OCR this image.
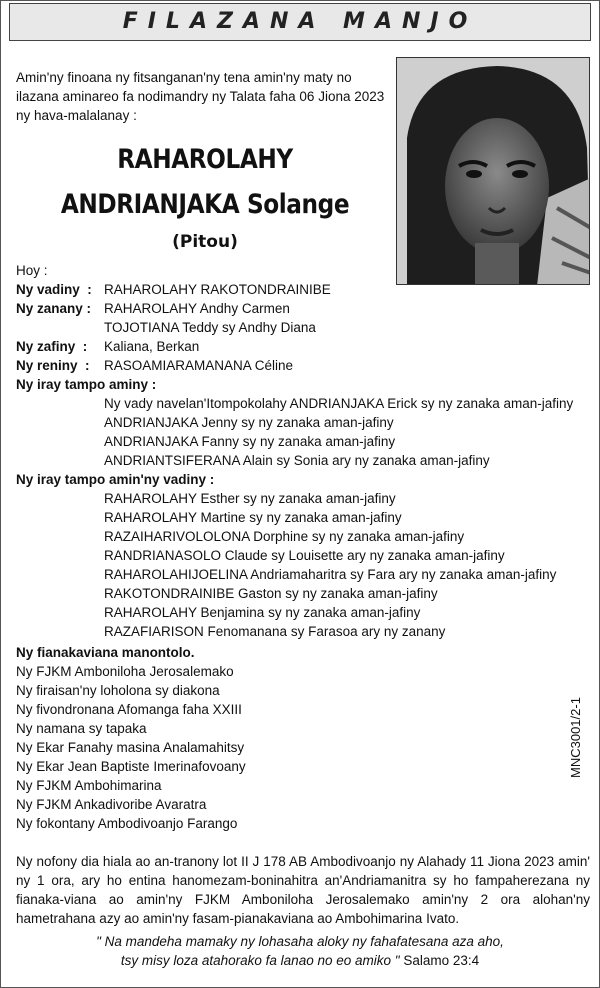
FILAZANA MANJO
Amin'ny finoana ny fitsanganan'ny tena amin'ny maty no ilazana aminareo fa nodimandry ny Talata faha 06 Jiona 2023 ny hava-malalanay :
RAHAROLAHY
ANDRIANJAKA Solange
(Pitou)
Hoy :
Ny vadiny  : RAHAROLAHY RAKOTONDRAINIBE
Ny zanany : RAHAROLAHY Andhy Carmen
TOJOTIANA Teddy sy Andhy Diana
Ny zafiny  : Kaliana, Berkan
Ny reniny  : RASOAMIARAMANANA Céline
Ny iray tampo aminy :
Ny vady navelan'Itompokolahy ANDRIANJAKA Erick sy ny zanaka aman-jafiny
ANDRIANJAKA Jenny sy ny zanaka aman-jafiny
ANDRIANJAKA Fanny sy ny zanaka aman-jafiny
ANDRIANTSIFERANA Alain sy Sonia ary ny zanaka aman-jafiny
Ny iray tampo amin'ny vadiny :
RAHAROLAHY Esther sy ny zanaka aman-jafiny
RAHAROLAHY Martine sy ny zanaka aman-jafiny
RAZAIHARIVOLOLONA Dorphine sy ny zanaka aman-jafiny
RANDRIANASOLO Claude sy Louisette ary ny zanaka aman-jafiny
RAHAROLAHIJOELINA Andriamaharitra sy Fara ary ny zanaka aman-jafiny
RAKOTONDRAINIBE Gaston sy ny zanaka aman-jafiny
RAHAROLAHY Benjamina sy ny zanaka aman-jafiny
RAZAFIARISON Fenomanana sy Farasoa ary ny zanany
Ny fianakaviana manontolo.
Ny FJKM Amboniloha Jerosalemako
Ny firaisan'ny loholona sy diakona
Ny fivondronana Afomanga faha XXIII
Ny namana sy tapaka
Ny Ekar Fanahy masina Analamahitsy
Ny Ekar Jean Baptiste Imerinafovoany
Ny FJKM Ambohimarina
Ny FJKM Ankadivoribe Avaratra
Ny fokontany Ambodivoanjo Farango
MNC3001/2-1
Ny nofony dia hiala ao an-tranony lot II J 178 AB Ambodivoanjo ny Alahady 11 Jiona 2023 amin' ny 1 ora, ary ho entina hanomezam-boninahitra an'Andriamanitra sy ho fampaherezana ny fianaka-viana ao amin'ny FJKM Amboniloha Jerosalemako amin'ny 2 ora alohan'ny hametrahana azy ao amin'ny fasam-pianakaviana ao Ambohimarina Ivato.
" Na mandeha mamaky ny lohasaha aloky ny fahafatesana aza aho,
tsy misy loza atahorako fa lanao no eo amiko " Salamo 23:4
